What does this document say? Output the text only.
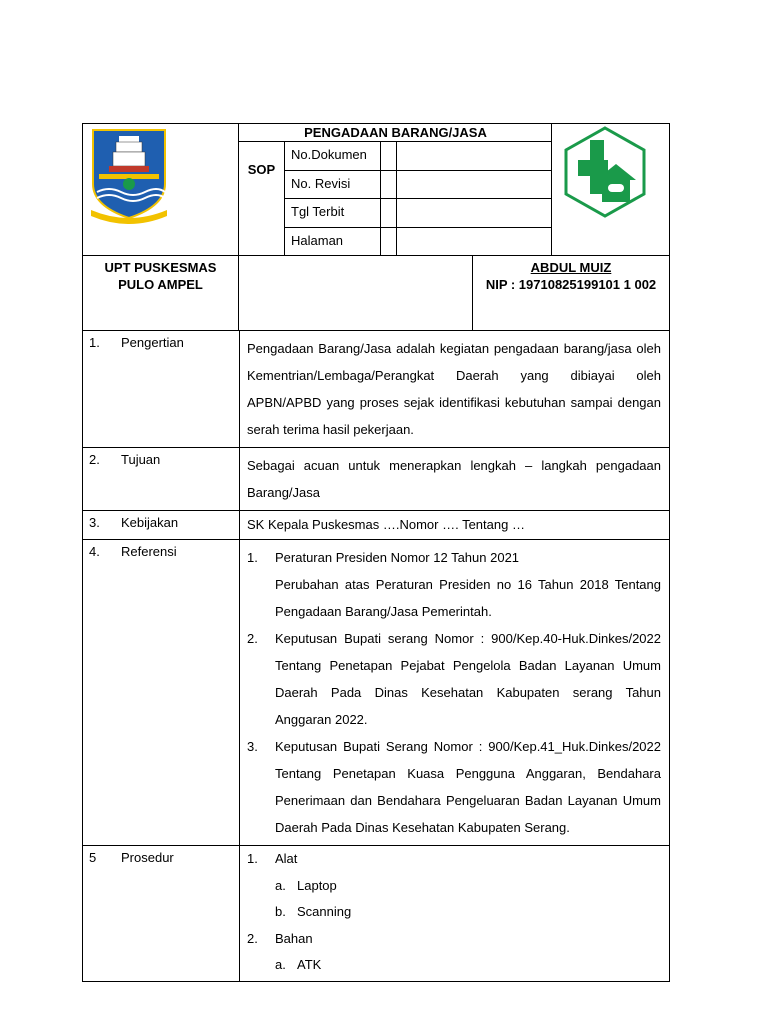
PENGADAAN BARANG/JASA
SOP
No.Dokumen
No. Revisi
Tgl Terbit
Halaman
UPT PUSKESMAS
PULO AMPEL
ABDUL MUIZ
NIP : 19710825199101 1 002
1. Pengertian	Pengadaan Barang/Jasa adalah kegiatan pengadaan barang/jasa oleh Kementrian/Lembaga/Perangkat Daerah yang dibiayai oleh APBN/APBD yang proses sejak identifikasi kebutuhan sampai dengan serah terima hasil pekerjaan.
2. Tujuan	Sebagai acuan untuk menerapkan lengkah – langkah pengadaan Barang/Jasa
3. Kebijakan	SK Kepala Puskesmas ….Nomor …. Tentang …
4. Referensi	1.	Peraturan Presiden Nomor 12 Tahun 2021
Perubahan atas Peraturan Presiden no 16 Tahun 2018 Tentang Pengadaan Barang/Jasa Pemerintah.
2.	Keputusan Bupati serang Nomor : 900/Kep.40-Huk.Dinkes/2022 Tentang Penetapan Pejabat Pengelola Badan Layanan Umum Daerah Pada Dinas Kesehatan Kabupaten serang Tahun Anggaran 2022.
3.	Keputusan Bupati Serang Nomor : 900/Kep.41_Huk.Dinkes/2022 Tentang Penetapan Kuasa Pengguna Anggaran, Bendahara Penerimaan dan Bendahara Pengeluaran Badan Layanan Umum Daerah Pada Dinas Kesehatan Kabupaten Serang.
5 Prosedur	1.	Alat
a. Laptop
b. Scanning
2.	Bahan
a. ATK
